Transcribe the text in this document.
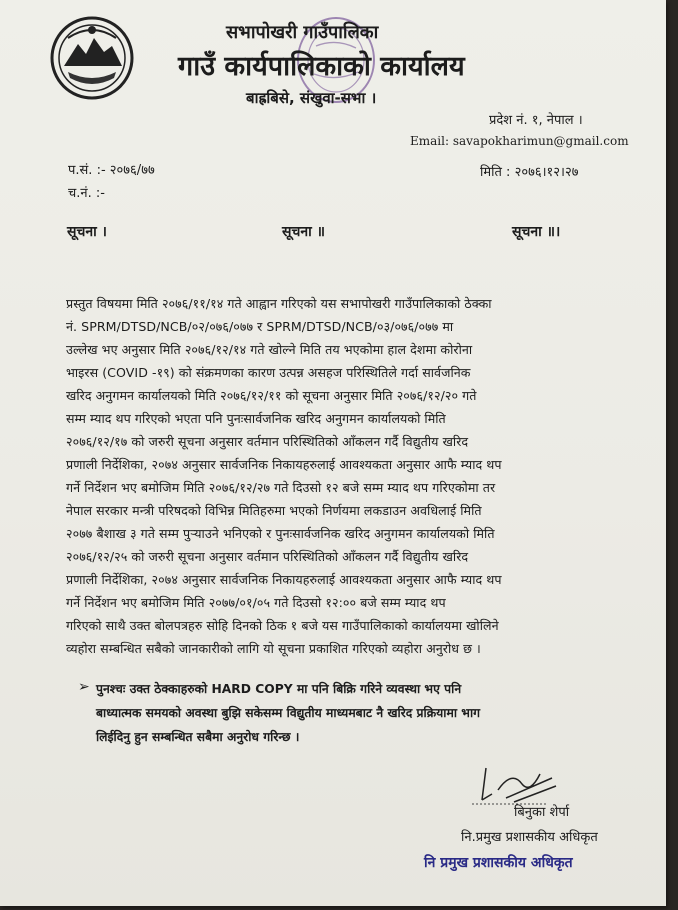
सभापोखरी गाउँपालिका
गाउँ कार्यपालिकाको कार्यालय
बाह्रबिसे, संखुवा-सभा ।
प्रदेश नं. १, नेपाल ।
Email: savapokharimun@gmail.com
प.सं. :- २०७६/७७
च.नं. :-
मिति : २०७६।१२।२७
सूचना ।	सूचना ॥	सूचना ॥।
प्रस्तुत विषयमा मिति २०७६/११/१४ गते आह्वान गरिएको यस सभापोखरी गाउँपालिकाको ठेक्का
नं. SPRM/DTSD/NCB/०२/०७६/०७७ र SPRM/DTSD/NCB/०३/०७६/०७७ मा
उल्लेख भए अनुसार मिति २०७६/१२/१४ गते खोल्ने मिति तय भएकोमा हाल देशमा कोरोना
भाइरस (COVID -१९) को संक्रमणका कारण उत्पन्न असहज परिस्थितिले गर्दा सार्वजनिक
खरिद अनुगमन कार्यालयको मिति २०७६/१२/११ को सूचना अनुसार मिति २०७६/१२/२० गते
सम्म म्याद थप गरिएको भएता पनि पुनःसार्वजनिक खरिद अनुगमन कार्यालयको मिति
२०७६/१२/१७ को जरुरी सूचना अनुसार वर्तमान परिस्थितिको आँकलन गर्दै विद्युतीय खरिद
प्रणाली निर्देशिका, २०७४ अनुसार सार्वजनिक निकायहरुलाई आवश्यकता अनुसार आफै म्याद थप
गर्ने निर्देशन भए बमोजिम मिति २०७६/१२/२७ गते दिउसो १२ बजे सम्म म्याद थप गरिएकोमा तर
नेपाल सरकार मन्त्री परिषदको विभिन्न मितिहरुमा भएको निर्णयमा लकडाउन अवधिलाई मिति
२०७७ बैशाख ३ गते सम्म पुर्‍याउने भनिएको र पुनःसार्वजनिक खरिद अनुगमन कार्यालयको मिति
२०७६/१२/२५ को जरुरी सूचना अनुसार वर्तमान परिस्थितिको आँकलन गर्दै विद्युतीय खरिद
प्रणाली निर्देशिका, २०७४ अनुसार सार्वजनिक निकायहरुलाई आवश्यकता अनुसार आफै म्याद थप
गर्ने निर्देशन भए बमोजिम मिति २०७७/०१/०५ गते दिउसो १२:०० बजे सम्म म्याद थप
गरिएको साथै उक्त बोलपत्रहरु सोहि दिनको ठिक १ बजे यस गाउँपालिकाको कार्यालयमा खोलिने
व्यहोरा सम्बन्धित सबैको जानकारीको लागि यो सूचना प्रकाशित गरिएको व्यहोरा अनुरोध छ ।
➢ पुनश्चः उक्त ठेक्काहरुको HARD COPY मा पनि बिक्रि गरिने व्यवस्था भए पनि
बाध्यात्मक समयको अवस्था बुझि सकेसम्म विद्युतीय माध्यमबाट नै खरिद प्रक्रियामा भाग
लिईदिनु हुन सम्बन्धित सबैमा अनुरोध गरिन्छ ।
बिनुका शेर्पा
नि.प्रमुख प्रशासकीय अधिकृत
नि प्रमुख प्रशासकीय अधिकृत
